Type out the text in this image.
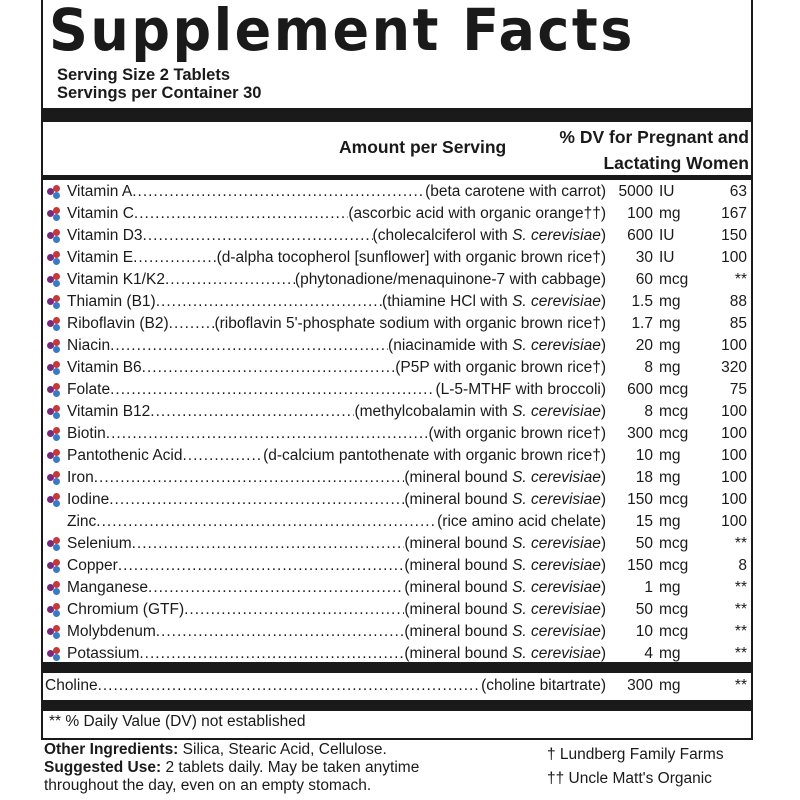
Supplement Facts
Serving Size 2 Tablets
Servings per Container 30
Amount per Serving	% DV for Pregnant and
Lactating Women
Vitamin A .....	(beta carotene with carrot) 5000 IU	63
Vitamin C .....	(ascorbic acid with organic orange††)	100 mg	167
Vitamin D3 .....	(cholecalciferol with S. cerevisiae)	600 IU	150
Vitamin E .....	(d-alpha tocopherol [sunflower] with organic brown rice†)	30 IU	100
Vitamin K1/K2 .....	(phytonadione/menaquinone-7 with cabbage)	60 mcg	**
Thiamin (B1) .....	(thiamine HCl with S. cerevisiae)	1.5 mg	88
Riboflavin (B2) .....	(riboflavin 5'-phosphate sodium with organic brown rice†)	1.7 mg	85
Niacin .....	(niacinamide with S. cerevisiae)	20 mg	100
Vitamin B6 .....	(P5P with organic brown rice†)	8 mg	320
Folate .....	(L-5-MTHF with broccoli)	600 mcg	75
Vitamin B12 .....	(methylcobalamin with S. cerevisiae)	8 mcg	100
Biotin .....	(with organic brown rice†)	300 mcg	100
Pantothenic Acid .....	(d-calcium pantothenate with organic brown rice†)	10 mg	100
Iron .....	(mineral bound S. cerevisiae)	18 mg	100
Iodine .....	(mineral bound S. cerevisiae)	150 mcg	100
Zinc .....	(rice amino acid chelate)	15 mg	100
Selenium .....	(mineral bound S. cerevisiae)	50 mcg	**
Copper .....	(mineral bound S. cerevisiae)	150 mcg	8
Manganese .....	(mineral bound S. cerevisiae)	1 mg	**
Chromium (GTF) .....	(mineral bound S. cerevisiae)	50 mcg	**
Molybdenum .....	(mineral bound S. cerevisiae)	10 mcg	**
Potassium .....	(mineral bound S. cerevisiae)	4 mg	**
Choline .....	(choline bitartrate)	300 mg	**
** % Daily Value (DV) not established
Other Ingredients: Silica, Stearic Acid, Cellulose.
Suggested Use: 2 tablets daily. May be taken anytime
throughout the day, even on an empty stomach.
† Lundberg Family Farms
†† Uncle Matt's Organic
